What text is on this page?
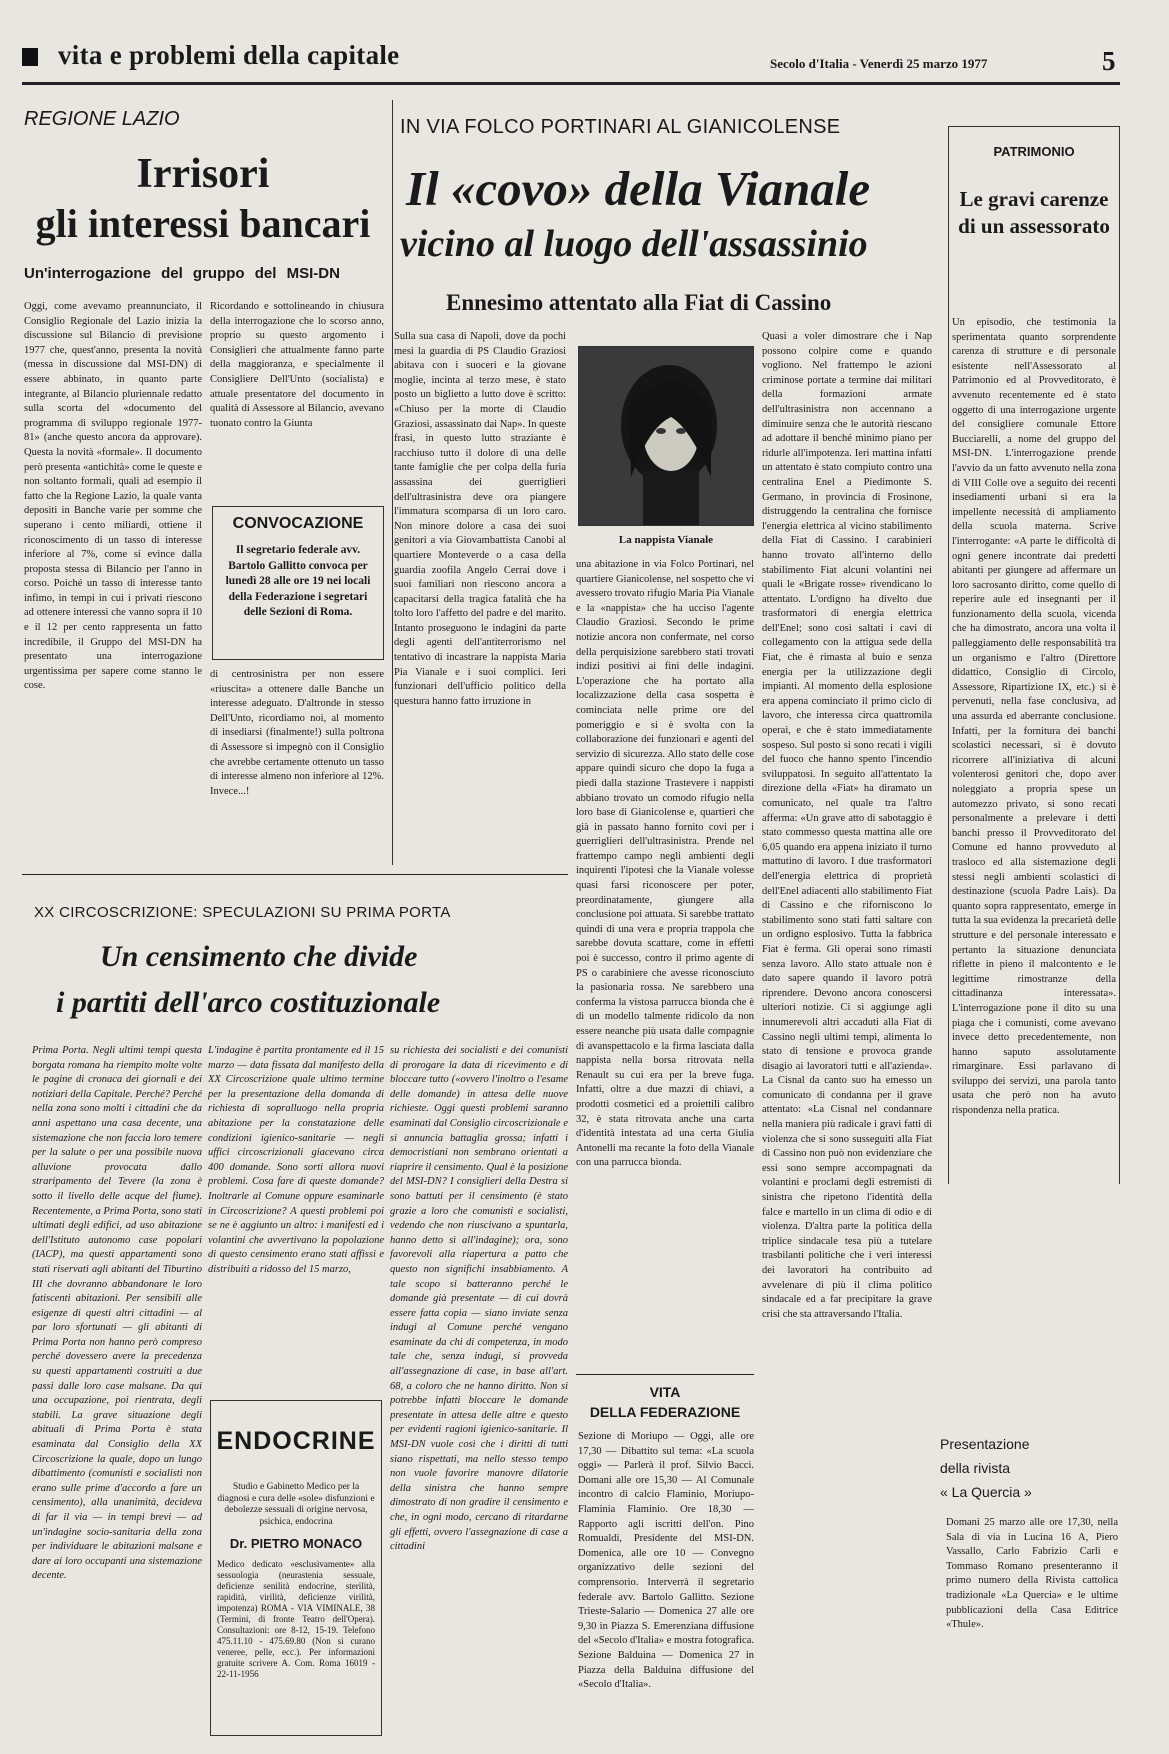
vita e problemi della capitale	Secolo d'Italia - Venerdì 25 marzo 1977	5
REGIONE LAZIO
Irrisori
gli interessi bancari
Un'interrogazione del gruppo del MSI-DN
Oggi, come avevamo preannunciato, il Consiglio Regionale del Lazio inizia la discussione sul Bilancio di previsione 1977 che, quest'anno, presenta la novità (messa in discussione dal MSI-DN) di essere abbinato, in quanto parte integrante, al Bilancio pluriennale redatto sulla scorta del «documento del programma di sviluppo regionale 1977-81» (anche questo ancora da approvare). Questa la novità «formale». Il documento però presenta «antichità» come le queste e non soltanto formali, quali ad esempio il fatto che la Regione Lazio, la quale vanta depositi in Banche varie per somme che superano i cento miliardi, ottiene il riconoscimento di un tasso di interesse inferiore al 7%, come si evince dalla proposta stessa di Bilancio per l'anno in corso. Poiché un tasso di interesse tanto infimo, in tempi in cui i privati riescono ad ottenere interessi che vanno sopra il 10 e il 12 per cento rappresenta un fatto incredibile, il Gruppo del MSI-DN ha presentato una interrogazione urgentissima per sapere come stanno le cose.
Ricordando e sottolineando in chiusura della interrogazione che lo scorso anno, proprio su questo argomento i Consiglieri che attualmente fanno parte della maggioranza, e specialmente il Consigliere Dell'Unto (socialista) e attuale presentatore del documento in qualità di Assessore al Bilancio, avevano tuonato contro la Giunta
CONVOCAZIONE
Il segretario federale avv. Bartolo Gallitto convoca per lunedì 28 alle ore 19 nei locali della Federazione i segretari delle Sezioni di Roma.
di centrosinistra per non essere «riuscita» a ottenere dalle Banche un interesse adeguato. D'altronde in stesso Dell'Unto, ricordiamo noi, al momento di insediarsi (finalmente!) sulla poltrona di Assessore si impegnò con il Consiglio che avrebbe certamente ottenuto un tasso di interesse almeno non inferiore al 12%. Invece...!
IN VIA FOLCO PORTINARI AL GIANICOLENSE
Il «covo» della Vianale
vicino al luogo dell'assassinio
Ennesimo attentato alla Fiat di Cassino
Sulla sua casa di Napoli, dove da pochi mesi la guardia di PS Claudio Graziosi abitava con i suoceri e la giovane moglie, incinta al terzo mese, è stato posto un biglietto a lutto dove è scritto: «Chiuso per la morte di Claudio Graziosi, assassinato dai Nap». In queste frasi, in questo lutto straziante è racchiuso tutto il dolore di una delle tante famiglie che per colpa della furia assassina dei guerriglieri dell'ultrasinistra deve ora piangere l'immatura scomparsa di un loro caro. Non minore dolore a casa dei suoi genitori a via Giovambattista Canobi al quartiere Monteverde o a casa della guardia zoofila Angelo Cerrai dove i suoi familiari non riescono ancora a capacitarsi della tragica fatalità che ha tolto loro l'affetto del padre e del marito. Intanto proseguono le indagini da parte degli agenti dell'antiterrorismo nel tentativo di incastrare la nappista Maria Pia Vianale e i suoi complici. Ieri funzionari dell'ufficio politico della questura hanno fatto irruzione in
La nappista Vianale
una abitazione in via Folco Portinari, nel quartiere Gianicolense, nel sospetto che vi avessero trovato rifugio Maria Pia Vianale e la «nappista» che ha ucciso l'agente Claudio Graziosi. Secondo le prime notizie ancora non confermate, nel corso della perquisizione sarebbero stati trovati indizi positivi ai fini delle indagini. L'operazione che ha portato alla localizzazione della casa sospetta è cominciata nelle prime ore del pomeriggio e si è svolta con la collaborazione dei funzionari e agenti del servizio di sicurezza. Allo stato delle cose appare quindi sicuro che dopo la fuga a piedi dalla stazione Trastevere i nappisti abbiano trovato un comodo rifugio nella loro base di Gianicolense e, quartieri che già in passato hanno fornito covi per i guerriglieri dell'ultrasinistra. Prende nel frattempo campo negli ambienti degli inquirenti l'ipotesi che la Vianale volesse quasi farsi riconoscere per poter, preordinatamente, giungere alla conclusione poi attuata. Si sarebbe trattato quindi di una vera e propria trappola che sarebbe dovuta scattare, come in effetti poi è successo, contro il primo agente di PS o carabiniere che avesse riconosciuto la pasionaria rossa. Ne sarebbero una conferma la vistosa parrucca bionda che è di un modello talmente ridicolo da non essere neanche più usata dalle compagnie di avanspettacolo e la firma lasciata dalla nappista nella borsa ritrovata nella Renault su cui era per la breve fuga. Infatti, oltre a due mazzi di chiavi, a prodotti cosmetici ed a proiettili calibro 32, è stata ritrovata anche una carta d'identità intestata ad una certa Giulia Antonelli ma recante la foto della Vianale con una parrucca bionda.
Quasi a voler dimostrare che i Nap possono colpire come e quando vogliono. Nel frattempo le azioni criminose portate a termine dai militari della formazioni armate dell'ultrasinistra non accennano a diminuire senza che le autorità riescano ad adottare il benché minimo piano per ridurle all'impotenza. Ieri mattina infatti un attentato è stato compiuto contro una centralina Enel a Piedimonte S. Germano, in provincia di Frosinone, distruggendo la centralina che fornisce l'energia elettrica al vicino stabilimento della Fiat di Cassino. I carabinieri hanno trovato all'interno dello stabilimento Fiat alcuni volantini nei quali le «Brigate rosse» rivendicano lo attentato. L'ordigno ha divelto due trasformatori di energia elettrica dell'Enel; sono così saltati i cavi di collegamento con la attigua sede della Fiat, che è rimasta al buio e senza energia per la utilizzazione degli impianti. Al momento della esplosione era appena cominciato il primo ciclo di lavoro, che interessa circa quattromila operai, e che è stato immediatamente sospeso. Sul posto si sono recati i vigili del fuoco che hanno spento l'incendio sviluppatosi. In seguito all'attentato la direzione della «Fiat» ha diramato un comunicato, nel quale tra l'altro afferma: «Un grave atto di sabotaggio è stato commesso questa mattina alle ore 6,05 quando era appena iniziato il turno mattutino di lavoro. I due trasformatori dell'energia elettrica di proprietà dell'Enel adiacenti allo stabilimento Fiat di Cassino e che riforniscono lo stabilimento sono stati fatti saltare con un ordigno esplosivo. Tutta la fabbrica Fiat è ferma. Gli operai sono rimasti senza lavoro. Allo stato attuale non è dato sapere quando il lavoro potrà riprendere. Devono ancora conoscersi ulteriori notizie. Ci si aggiunge agli innumerevoli altri accaduti alla Fiat di Cassino negli ultimi tempi, alimenta lo stato di tensione e provoca grande disagio ai lavoratori tutti e all'azienda». La Cisnal da canto suo ha emesso un comunicato di condanna per il grave attentato: «La Cisnal nel condannare nella maniera più radicale i gravi fatti di violenza che si sono susseguiti alla Fiat di Cassino non può non evidenziare che essi sono sempre accompagnati da volantini e proclami degli estremisti di sinistra che ripetono l'identità della falce e martello in un clima di odio e di violenza. D'altra parte la politica della triplice sindacale tesa più a tutelare trasbilanti politiche che i veri interessi dei lavoratori ha contribuito ad avvelenare di più il clima politico sindacale ed a far precipitare la grave crisi che sta attraversando l'Italia.
PATRIMONIO
Le gravi carenze di un assessorato
Un episodio, che testimonia la sperimentata quanto sorprendente carenza di strutture e di personale esistente nell'Assessorato al Patrimonio ed al Provveditorato, è avvenuto recentemente ed è stato oggetto di una interrogazione urgente del consigliere comunale Ettore Bucciarelli, a nome del gruppo del MSI-DN. L'interrogazione prende l'avvio da un fatto avvenuto nella zona di VIII Colle ove a seguito dei recenti insediamenti urbani si era la impellente necessità di ampliamento della scuola materna. Scrive l'interrogante: «A parte le difficoltà di ogni genere incontrate dai predetti abitanti per giungere ad affermare un loro sacrosanto diritto, come quello di reperire aule ed insegnanti per il funzionamento della scuola, vicenda che ha dimostrato, ancora una volta il palleggiamento delle responsabilità tra un organismo e l'altro (Direttore didattico, Consiglio di Circolo, Assessore, Ripartizione IX, etc.) si è pervenuti, nella fase conclusiva, ad una assurda ed aberrante conclusione. Infatti, per la fornitura dei banchi scolastici necessari, si è dovuto ricorrere all'iniziativa di alcuni volenterosi genitori che, dopo aver noleggiato a propria spese un automezzo privato, si sono recati personalmente a prelevare i detti banchi presso il Provveditorato del Comune ed hanno provveduto al trasloco ed alla sistemazione degli stessi negli ambienti scolastici di destinazione (scuola Padre Lais). Da quanto sopra rappresentato, emerge in tutta la sua evidenza la precarietà delle strutture e del personale interessato e pertanto la situazione denunciata riflette in pieno il malcontento e le legittime rimostranze della cittadinanza interessata». L'interrogazione pone il dito su una piaga che i comunisti, come avevano invece detto precedentemente, non hanno saputo assolutamente rimarginare. Essi parlavano di sviluppo dei servizi, una parola tanto usata che però non ha avuto rispondenza nella pratica.
Presentazione
della rivista
« La Quercia »
Domani 25 marzo alle ore 17,30, nella Sala di via in Lucina 16 A, Piero Vassallo, Carlo Fabrizio Carli e Tommaso Romano presenteranno il primo numero della Rivista cattolica tradizionale «La Quercia» e le ultime pubblicazioni della Casa Editrice «Thule».
XX CIRCOSCRIZIONE: SPECULAZIONI SU PRIMA PORTA
Un censimento che divide
i partiti dell'arco costituzionale
Prima Porta. Negli ultimi tempi questa borgata romana ha riempito molte volte le pagine di cronaca dei giornali e dei notiziari della Capitale. Perché? Perché nella zona sono molti i cittadini che da anni aspettano una casa decente, una sistemazione che non faccia loro temere per la salute o per una possibile nuova alluvione provocata dallo straripamento del Tevere (la zona è sotto il livello delle acque del fiume). Recentemente, a Prima Porta, sono stati ultimati degli edifici, ad uso abitazione dell'Istituto autonomo case popolari (IACP), ma questi appartamenti sono stati riservati agli abitanti del Tiburtino III che dovranno abbandonare le loro fatiscenti abitazioni. Per sensibili alle esigenze di questi altri cittadini — al par loro sfortunati — gli abitanti di Prima Porta non hanno però compreso perché dovessero avere la precedenza su questi appartamenti costruiti a due passi dalle loro case malsane. Da qui una occupazione, poi rientrata, degli stabili. La grave situazione degli abituali di Prima Porta è stata esaminata dal Consiglio della XX Circoscrizione la quale, dopo un lungo dibattimento (comunisti e socialisti non erano sulle prime d'accordo a fare un censimento), alla unanimità, decideva di far il via — in tempi brevi — ad un'indagine socio-sanitaria della zona per individuare le abitazioni malsane e dare ai loro occupanti una sistemazione decente.
L'indagine è partita prontamente ed il 15 marzo — data fissata dal manifesto della XX Circoscrizione quale ultimo termine per la presentazione della domanda di richiesta di sopralluogo nella propria abitazione per la constatazione delle condizioni igienico-sanitarie — negli uffici circoscrizionali giacevano circa 400 domande. Sono sorti allora nuovi problemi. Cosa fare di queste domande? Inoltrarle al Comune oppure esaminarle in Circoscrizione? A questi problemi poi se ne è aggiunto un altro: i manifesti ed i volantini che avvertivano la popolazione di questo censimento erano stati affissi e distribuiti a ridosso del 15 marzo,
su richiesta dei socialisti e dei comunisti di prorogare la data di ricevimento e di bloccare tutto («ovvero l'inoltro o l'esame delle domande) in attesa delle nuove richieste. Oggi questi problemi saranno esaminati dal Consiglio circoscrizionale e si annuncia battaglia grossa; infatti i democristiani non sembrano orientati a riaprire il censimento. Qual è la posizione del MSI-DN? I consiglieri della Destra si sono battuti per il censimento (è stato grazie a loro che comunisti e socialisti, vedendo che non riuscivano a spuntarla, hanno detto sì all'indagine); ora, sono favorevoli alla riapertura a patto che questo non significhi insabbiamento. A tale scopo si batteranno perché le domande già presentate — di cui dovrà essere fatta copia — siano inviate senza indugi al Comune perché vengano esaminate da chi di competenza, in modo tale che, senza indugi, si provveda all'assegnazione di case, in base all'art. 68, a coloro che ne hanno diritto. Non si potrebbe infatti bloccare le domande presentate in attesa delle altre e questo per evidenti ragioni igienico-sanitarie. Il MSI-DN vuole così che i diritti di tutti siano rispettati, ma nello stesso tempo non vuole favorire manovre dilatorie della sinistra che hanno sempre dimostrato di non gradire il censimento e che, in ogni modo, cercano di ritardarne gli effetti, ovvero l'assegnazione di case a cittadini
ENDOCRINE
Studio e Gabinetto Medico per la diagnosi e cura delle «sole» disfunzioni e debolezze sessuali di origine nervosa, psichica, endocrina
Dr. PIETRO MONACO
Medico dedicato «esclusivamente» alla sessuologia (neurastenia sessuale, deficienze senilità endocrine, sterilità, rapidità, virilità, deficienze virilità, impotenza) ROMA - VIA VIMINALE, 38 (Termini, di fronte Teatro dell'Opera). Consultazioni: ore 8-12, 15-19. Telefono 475.11.10 - 475.69.80 (Non si curano veneree, pelle, ecc.). Per informazioni gratuite scrivere A. Com. Roma 16019 - 22-11-1956
VITA
DELLA FEDERAZIONE
Sezione di Moriupo — Oggi, alle ore 17,30 — Dibattito sul tema: «La scuola oggi» — Parlerà il prof. Silvio Bacci. Domani alle ore 15,30 — Al Comunale incontro di calcio Flaminio, Moriupo-Flaminia Flaminio. Ore 18,30 — Rapporto agli iscritti dell'on. Pino Romualdi, Presidente del MSI-DN. Domenica, alle ore 10 — Convegno organizzativo delle sezioni del comprensorio. Interverrà il segretario federale avv. Bartolo Gallitto. Sezione Trieste-Salario — Domenica 27 alle ore 9,30 in Piazza S. Emerenziana diffusione del «Secolo d'Italia» e mostra fotografica. Sezione Balduina — Domenica 27 in Piazza della Balduina diffusione del «Secolo d'Italia».
